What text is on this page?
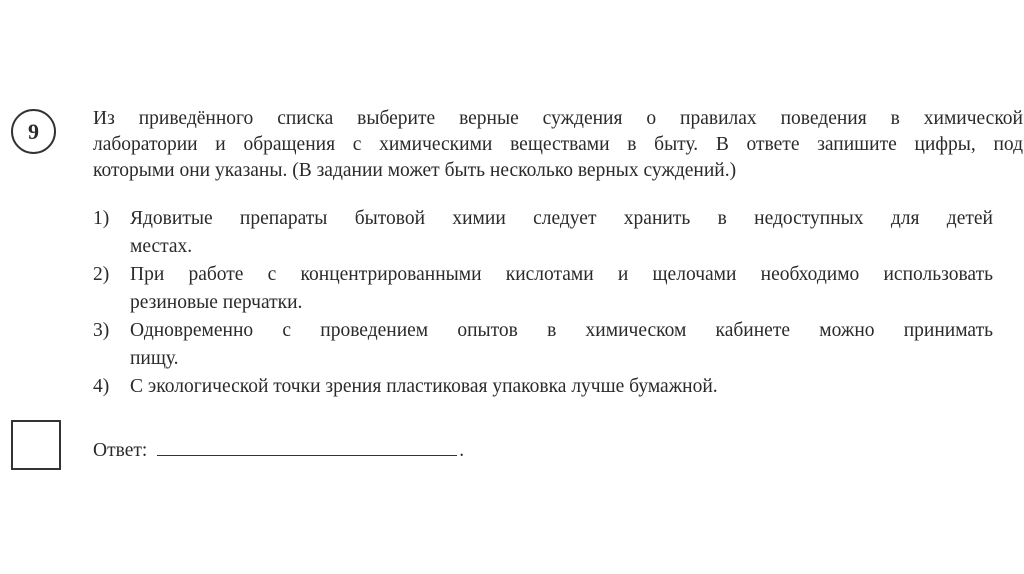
9	Из приведённого списка выберите верные суждения о правилах поведения в химической
лаборатории и обращения с химическими веществами в быту. В ответе запишите цифры, под
которыми они указаны. (В задании может быть несколько верных суждений.)
1)	Ядовитые препараты бытовой химии следует хранить в недоступных для детей
местах.
2)	При работе с концентрированными кислотами и щелочами необходимо использовать
резиновые перчатки.
3)	Одновременно с проведением опытов в химическом кабинете можно принимать
пищу.
4)	С экологической точки зрения пластиковая упаковка лучше бумажной.
Ответ:	.
